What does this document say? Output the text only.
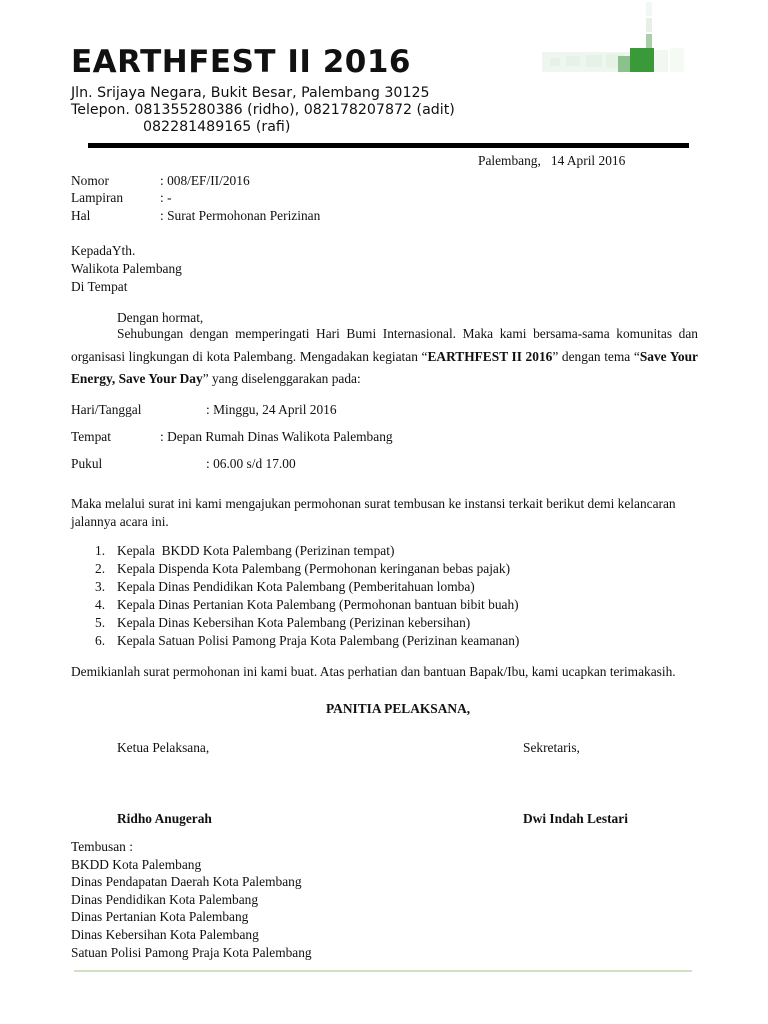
EARTHFEST II 2016
Jln. Srijaya Negara, Bukit Besar, Palembang 30125
Telepon. 081355280386 (ridho), 082178207872 (adit)
082281489165 (rafi)
Palembang,   14 April 2016
Nomor	: 008/EF/II/2016
Lampiran	: -
Hal	: Surat Permohonan Perizinan
KepadaYth.
Walikota Palembang
Di Tempat
Dengan hormat,
Sehubungan dengan memperingati Hari Bumi Internasional. Maka kami bersama-sama komunitas dan organisasi lingkungan di kota Palembang. Mengadakan kegiatan “EARTHFEST II 2016” dengan tema “Save Your Energy, Save Your Day” yang diselenggarakan pada:
Hari/Tanggal	: Minggu, 24 April 2016
Tempat	: Depan Rumah Dinas Walikota Palembang
Pukul	: 06.00 s/d 17.00
Maka melalui surat ini kami mengajukan permohonan surat tembusan ke instansi terkait berikut demi kelancaran jalannya acara ini.
1. Kepala  BKDD Kota Palembang (Perizinan tempat)
2. Kepala Dispenda Kota Palembang (Permohonan keringanan bebas pajak)
3. Kepala Dinas Pendidikan Kota Palembang (Pemberitahuan lomba)
4. Kepala Dinas Pertanian Kota Palembang (Permohonan bantuan bibit buah)
5. Kepala Dinas Kebersihan Kota Palembang (Perizinan kebersihan)
6. Kepala Satuan Polisi Pamong Praja Kota Palembang (Perizinan keamanan)
Demikianlah surat permohonan ini kami buat. Atas perhatian dan bantuan Bapak/Ibu, kami ucapkan terimakasih.
PANITIA PELAKSANA,
Ketua Pelaksana,	Sekretaris,
Ridho Anugerah	Dwi Indah Lestari
Tembusan :
BKDD Kota Palembang
Dinas Pendapatan Daerah Kota Palembang
Dinas Pendidikan Kota Palembang
Dinas Pertanian Kota Palembang
Dinas Kebersihan Kota Palembang
Satuan Polisi Pamong Praja Kota Palembang
